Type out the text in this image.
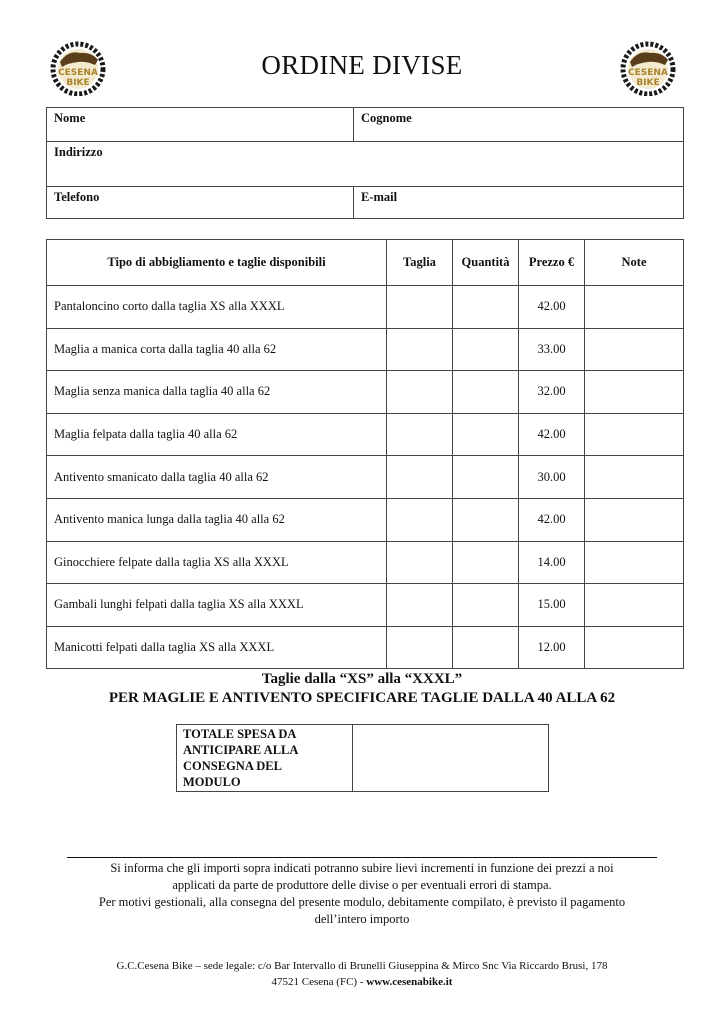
CESENA
BIKE
ORDINE DIVISE	CESENA
BIKE
Nome	Cognome
Indirizzo	
Telefono	E-mail
Tipo di abbigliamento e taglie disponibili	Taglia	Quantità	Prezzo €	Note
Pantaloncino corto dalla taglia XS alla XXXL			42.00	
Maglia a manica corta dalla taglia 40 alla 62			33.00	
Maglia senza manica dalla taglia 40 alla 62			32.00	
Maglia felpata dalla taglia 40 alla 62			42.00	
Antivento smanicato dalla taglia 40 alla 62			30.00	
Antivento manica lunga dalla taglia 40 alla 62			42.00	
Ginocchiere felpate dalla taglia XS alla XXXL			14.00	
Gambali lunghi felpati dalla taglia XS alla XXXL			15.00	
Manicotti felpati dalla taglia XS alla XXXL			12.00	
Taglie dalla “XS” alla “XXXL”
PER MAGLIE E ANTIVENTO SPECIFICARE TAGLIE DALLA 40 ALLA 62
TOTALE SPESA DA
ANTICIPARE ALLA
CONSEGNA DEL
MODULO

Si informa che gli importi sopra indicati potranno subire lievi incrementi in funzione dei prezzi a noi
applicati da parte de produttore delle divise o per eventuali errori di stampa.
Per motivi gestionali, alla consegna del presente modulo, debitamente compilato, è previsto il pagamento
dell’intero importo
G.C.Cesena Bike – sede legale: c/o Bar Intervallo di Brunelli Giuseppina & Mirco Snc Via Riccardo Brusi, 178
47521 Cesena (FC) - www.cesenabike.it
